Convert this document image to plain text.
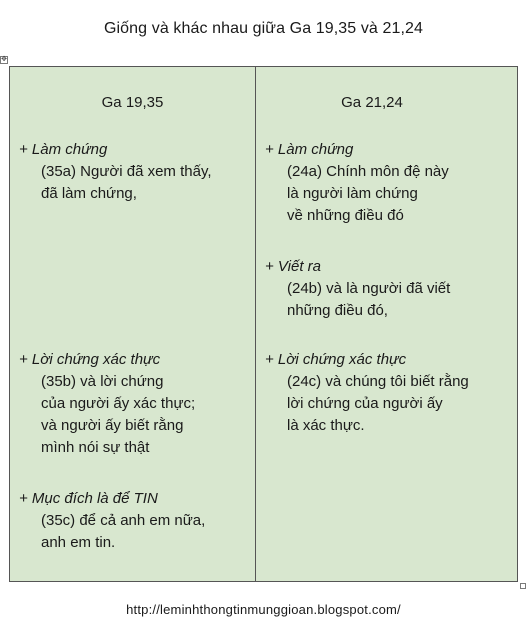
Giống và khác nhau giữa Ga 19,35 và 21,24
✥
Ga 19,35
+ Làm chứng
(35a) Người đã xem thấy,
đã làm chứng,
+ Lời chứng xác thực
(35b) và lời chứng
của người ấy xác thực;
và người ấy biết rằng
mình nói sự thật
+ Mục đích là để TIN
(35c) để cả anh em nữa,
anh em tin.
Ga 21,24
+ Làm chứng
(24a) Chính môn đệ này
là người làm chứng
về những điều đó
+ Viết ra
(24b) và là người đã viết
những điều đó,
+ Lời chứng xác thực
(24c) và chúng tôi biết rằng
lời chứng của người ấy
là xác thực.
http://leminhthongtinmunggioan.blogspot.com/
